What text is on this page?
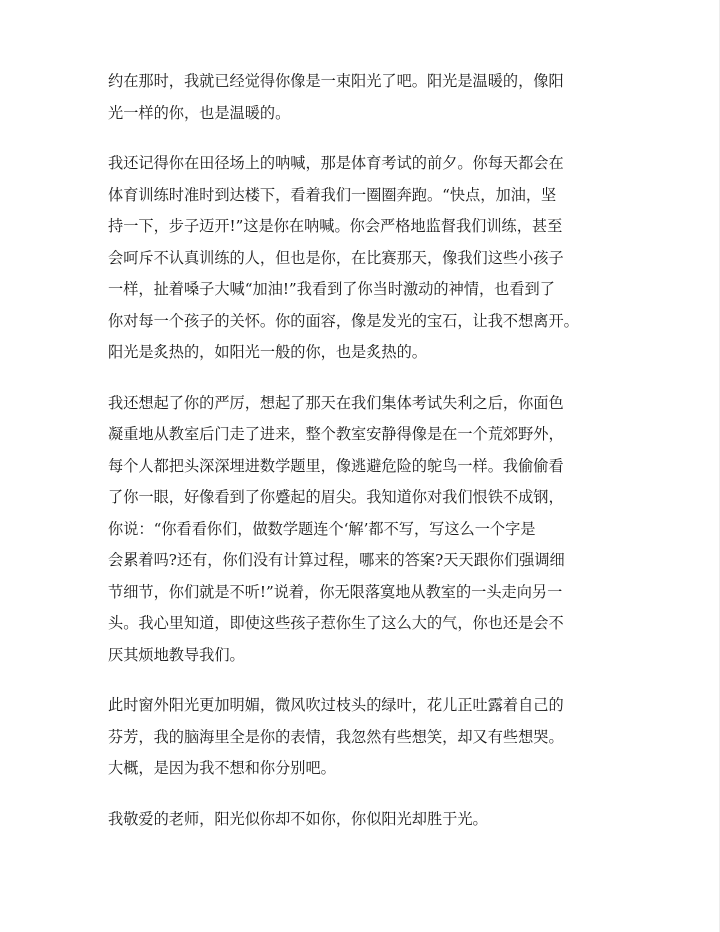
约在那时，我就已经觉得你像是一束阳光了吧。阳光是温暖的，像阳
光一样的你，也是温暖的。

我还记得你在田径场上的呐喊，那是体育考试的前夕。你每天都会在
体育训练时准时到达楼下，看着我们一圈圈奔跑。“快点，加油，坚
持一下，步子迈开!”这是你在呐喊。你会严格地监督我们训练，甚至
会呵斥不认真训练的人，但也是你，在比赛那天，像我们这些小孩子
一样，扯着嗓子大喊“加油!”我看到了你当时激动的神情，也看到了
你对每一个孩子的关怀。你的面容，像是发光的宝石，让我不想离开。
阳光是炙热的，如阳光一般的你，也是炙热的。

我还想起了你的严厉，想起了那天在我们集体考试失利之后，你面色
凝重地从教室后门走了进来，整个教室安静得像是在一个荒郊野外，
每个人都把头深深埋进数学题里，像逃避危险的鸵鸟一样。我偷偷看
了你一眼，好像看到了你蹙起的眉尖。我知道你对我们恨铁不成钢，
你说：“你看看你们，做数学题连个‘解’都不写，写这么一个字是
会累着吗?还有，你们没有计算过程，哪来的答案?天天跟你们强调细
节细节，你们就是不听!”说着，你无限落寞地从教室的一头走向另一
头。我心里知道，即使这些孩子惹你生了这么大的气，你也还是会不
厌其烦地教导我们。

此时窗外阳光更加明媚，微风吹过枝头的绿叶，花儿正吐露着自己的
芬芳，我的脑海里全是你的表情，我忽然有些想笑，却又有些想哭。
大概，是因为我不想和你分别吧。

我敬爱的老师，阳光似你却不如你，你似阳光却胜于光。
